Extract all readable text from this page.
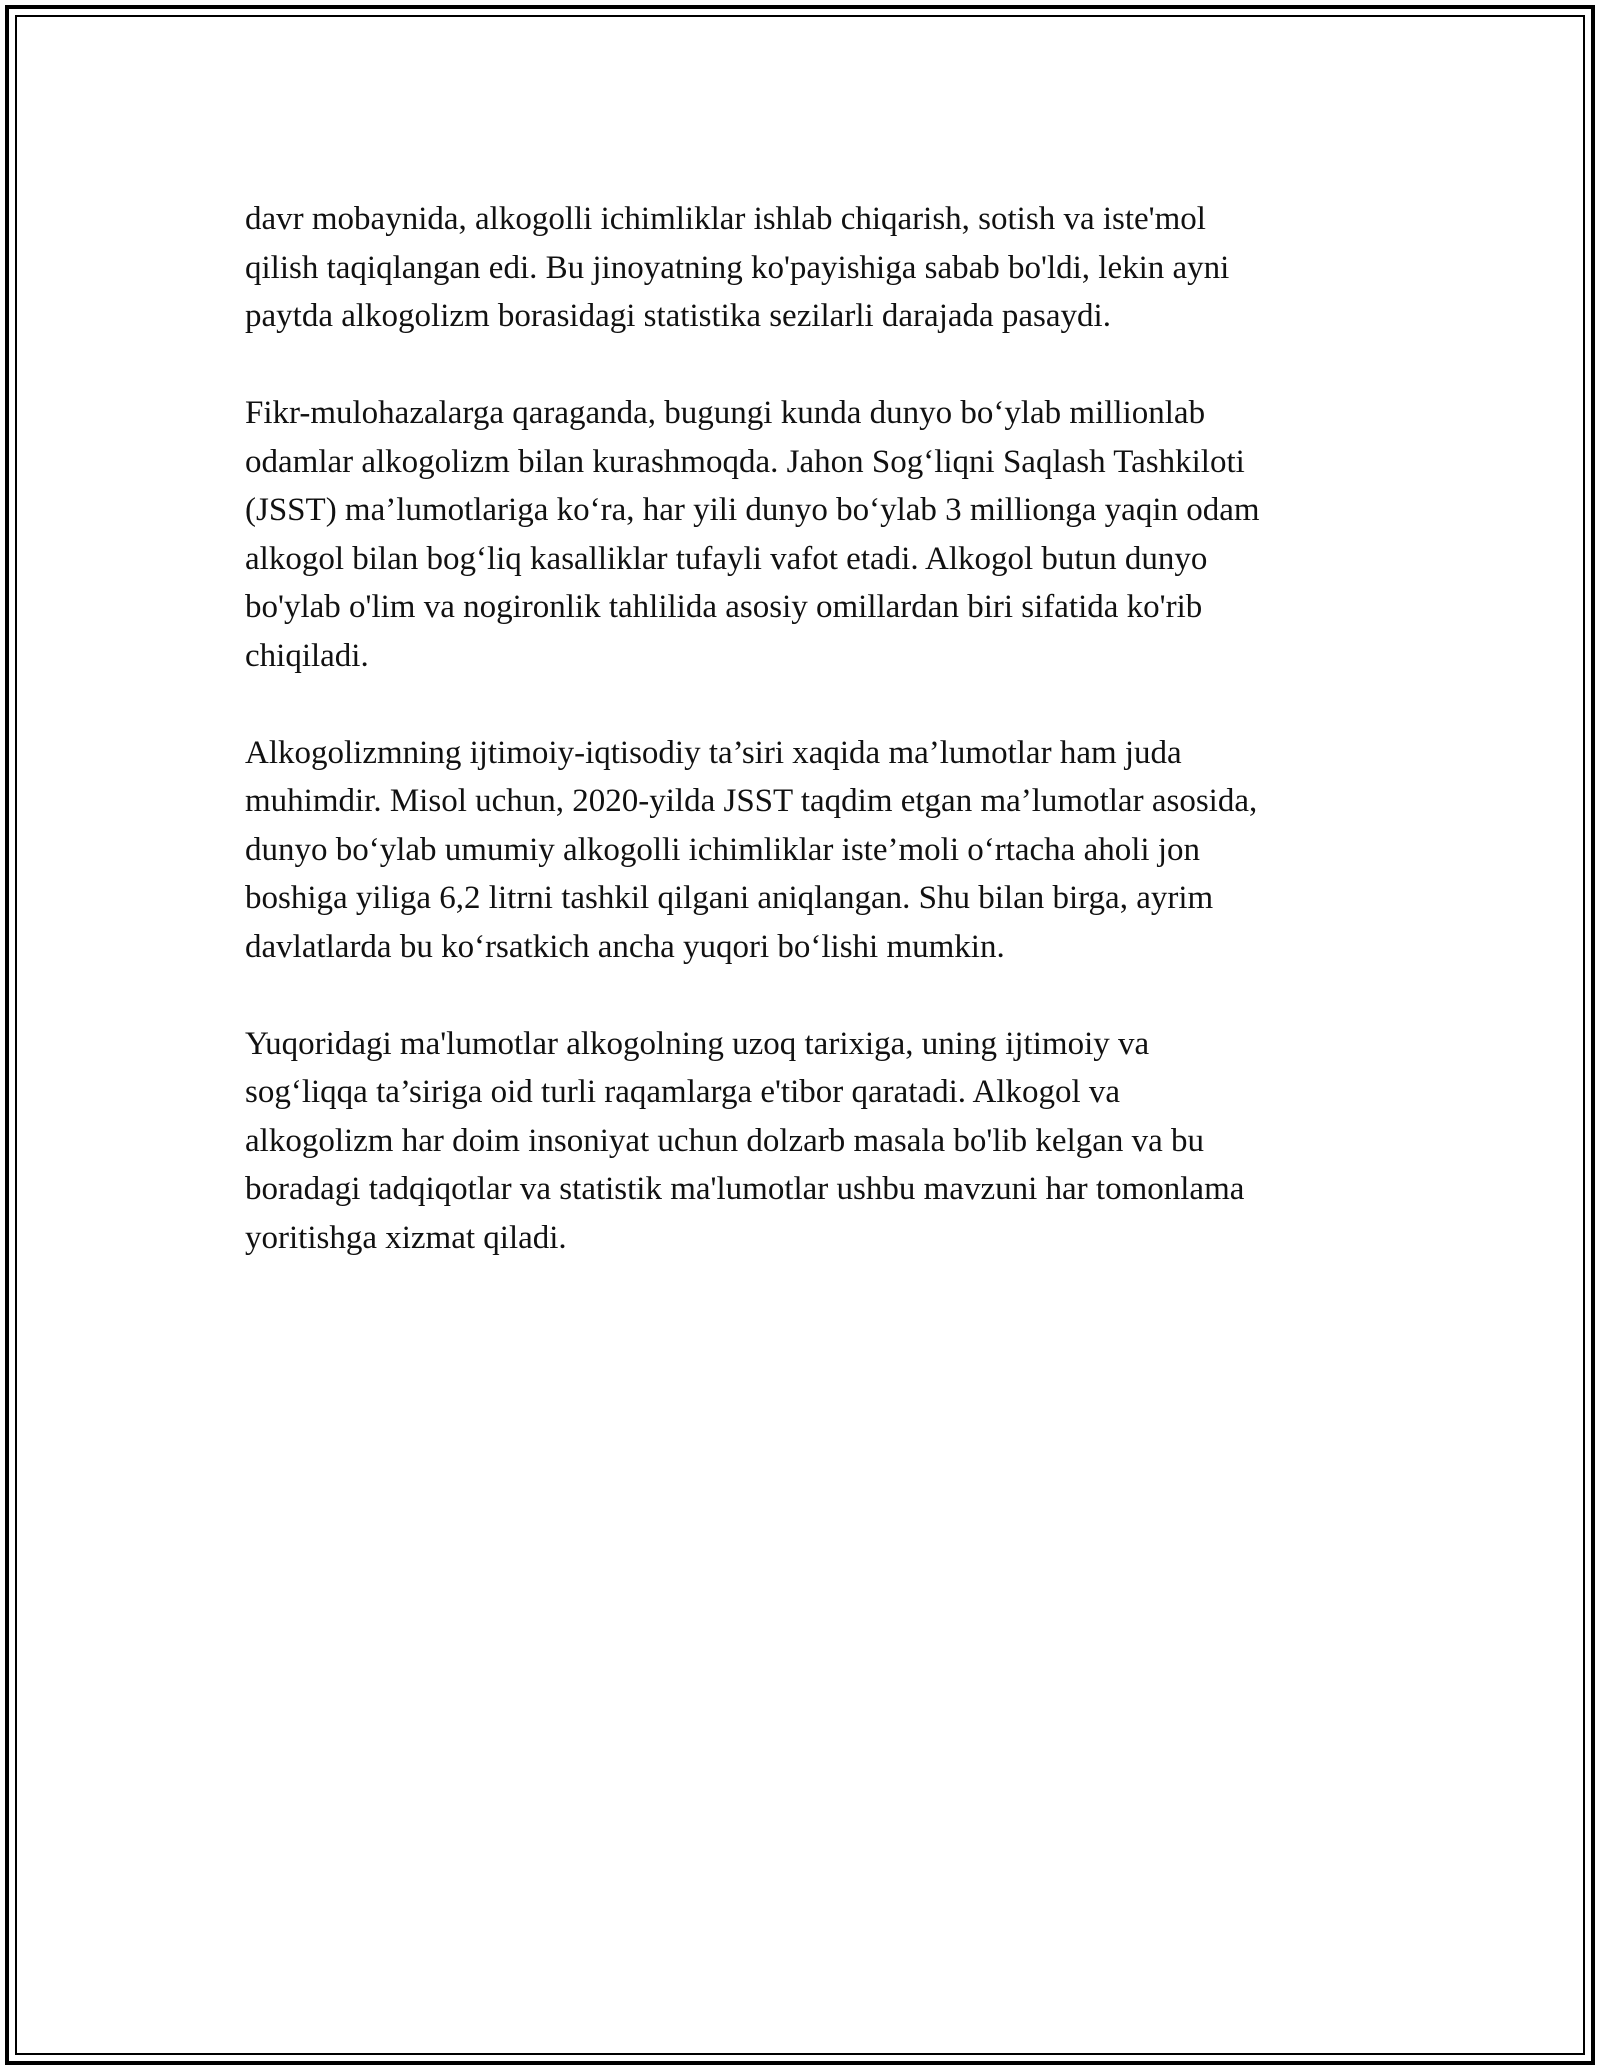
davr mobaynida, alkogolli ichimliklar ishlab chiqarish, sotish va iste'mol
qilish taqiqlangan edi. Bu jinoyatning ko'payishiga sabab bo'ldi, lekin ayni
paytda alkogolizm borasidagi statistika sezilarli darajada pasaydi.

Fikr-mulohazalarga qaraganda, bugungi kunda dunyo bo‘ylab millionlab
odamlar alkogolizm bilan kurashmoqda. Jahon Sog‘liqni Saqlash Tashkiloti
(JSST) ma’lumotlariga ko‘ra, har yili dunyo bo‘ylab 3 millionga yaqin odam
alkogol bilan bog‘liq kasalliklar tufayli vafot etadi. Alkogol butun dunyo
bo'ylab o'lim va nogironlik tahlilida asosiy omillardan biri sifatida ko'rib
chiqiladi.

Alkogolizmning ijtimoiy-iqtisodiy ta’siri xaqida ma’lumotlar ham juda
muhimdir. Misol uchun, 2020-yilda JSST taqdim etgan ma’lumotlar asosida,
dunyo bo‘ylab umumiy alkogolli ichimliklar iste’moli o‘rtacha aholi jon
boshiga yiliga 6,2 litrni tashkil qilgani aniqlangan. Shu bilan birga, ayrim
davlatlarda bu ko‘rsatkich ancha yuqori bo‘lishi mumkin.

Yuqoridagi ma'lumotlar alkogolning uzoq tarixiga, uning ijtimoiy va
sog‘liqqa ta’siriga oid turli raqamlarga e'tibor qaratadi. Alkogol va
alkogolizm har doim insoniyat uchun dolzarb masala bo'lib kelgan va bu
boradagi tadqiqotlar va statistik ma'lumotlar ushbu mavzuni har tomonlama
yoritishga xizmat qiladi.
